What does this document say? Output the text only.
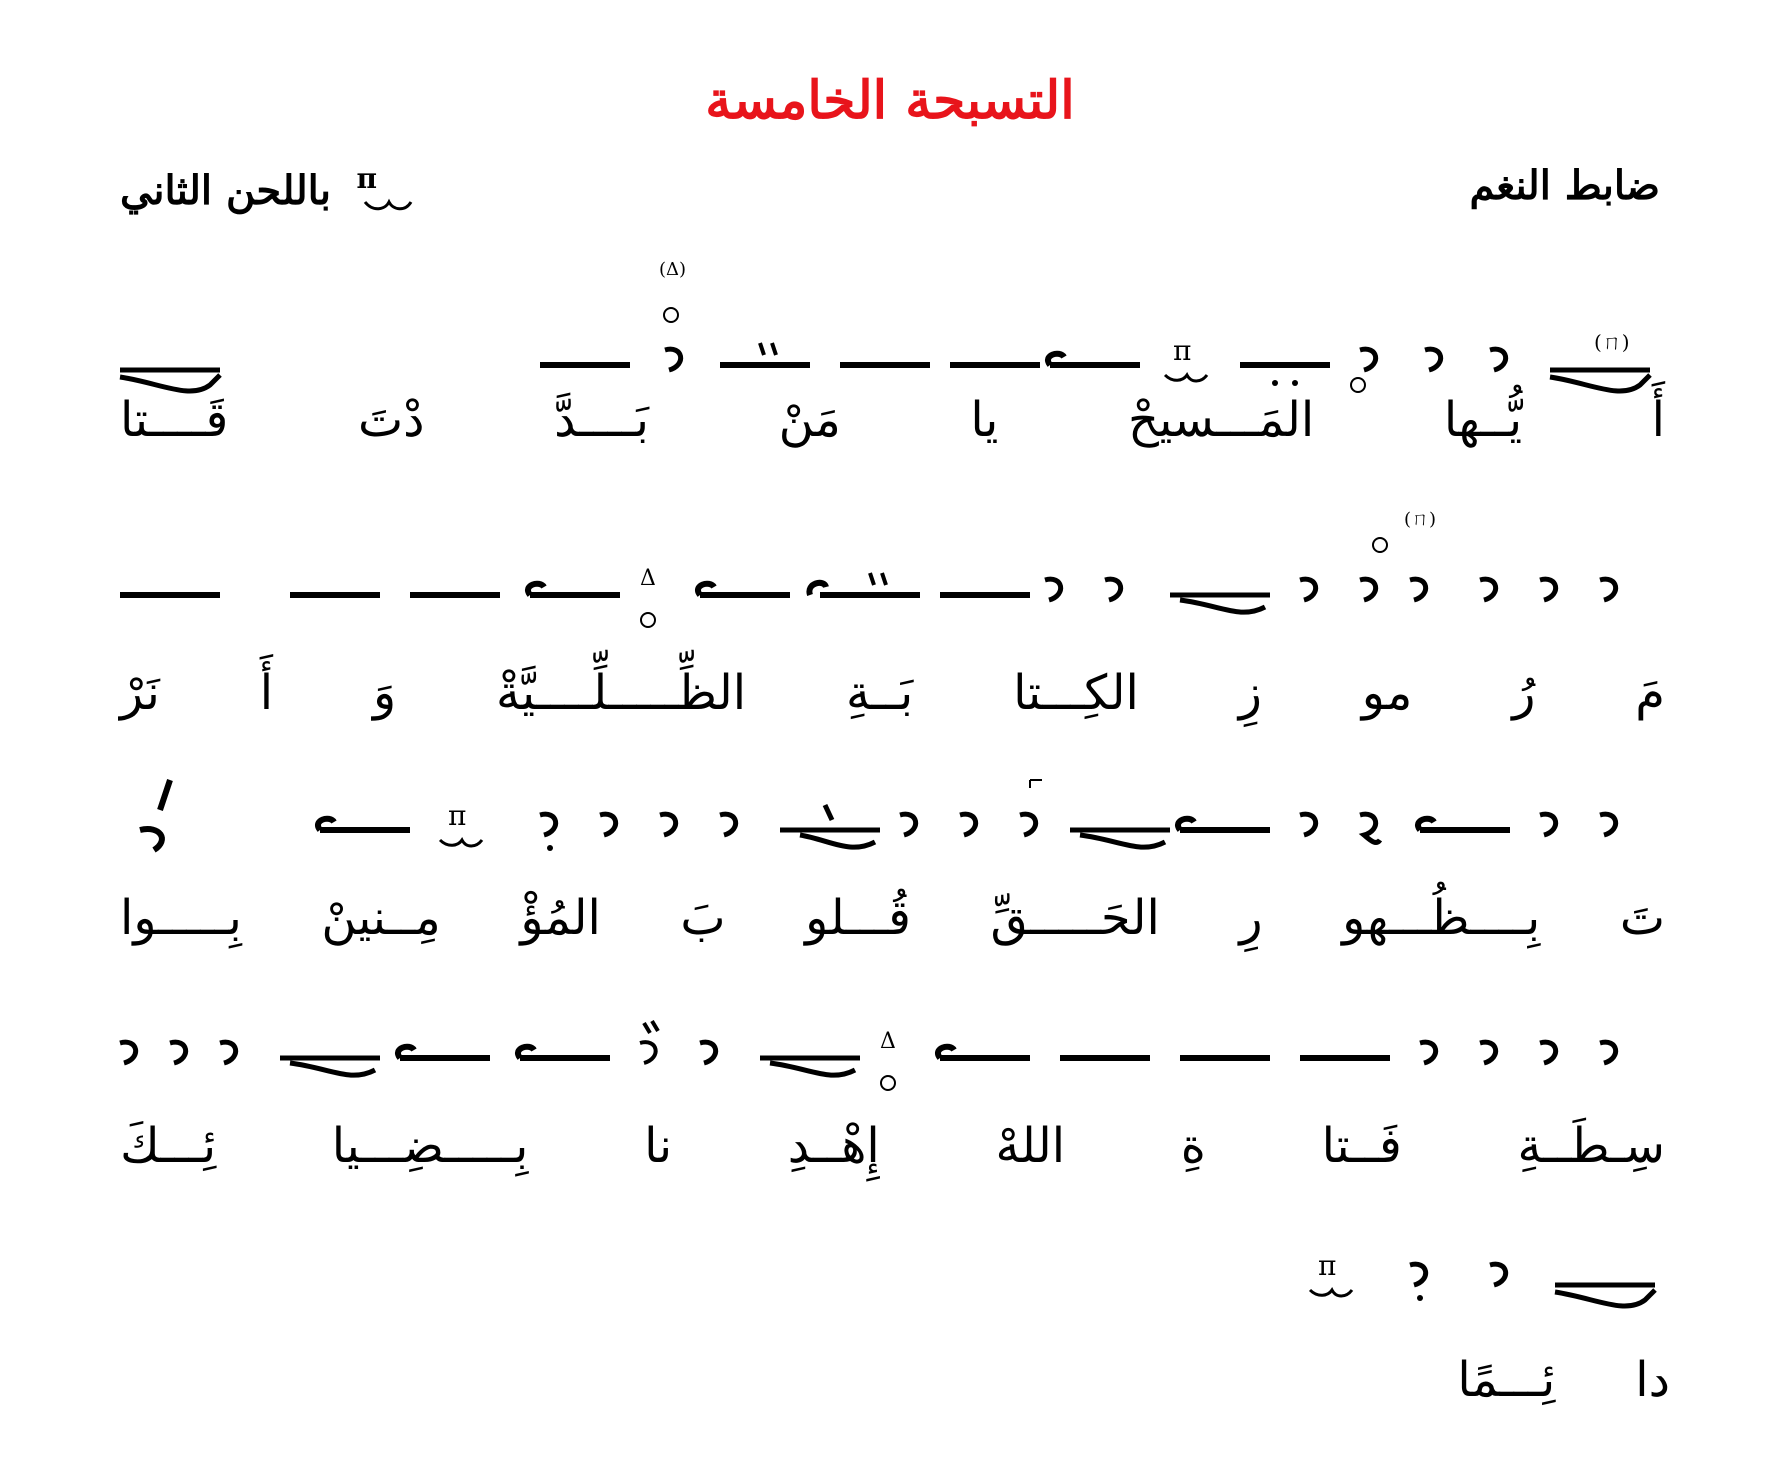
التسبحة الخامسة
ضابط النغم
π
باللحن الثاني
(ㄇ)
π
(Δ)
أَ
يُّــها
المَـــسيحْ
يا
مَنْ
بَــــدَّ
دْتَ
قَــــتا
(ㄇ)
Δ
مَ
رُ
مو
زِ
الكِـــتا
بَــةِ
الظِّـــــلِّــــيَّةْ
وَ
أَ
نَرْ
π
تَ
بِــــظُـــهو
رِ
الحَـــــقِّ
قُـــلو
بَ
المُؤْ
مِــنينْ
بِـــــوا
Δ
سِـطَــةِ
فَــتا
ةِ
اللهْ
إِهْــدِ
نا
بِـــــضِـــيا
ئِـــكَ
π
دا
ئِـــمًا
